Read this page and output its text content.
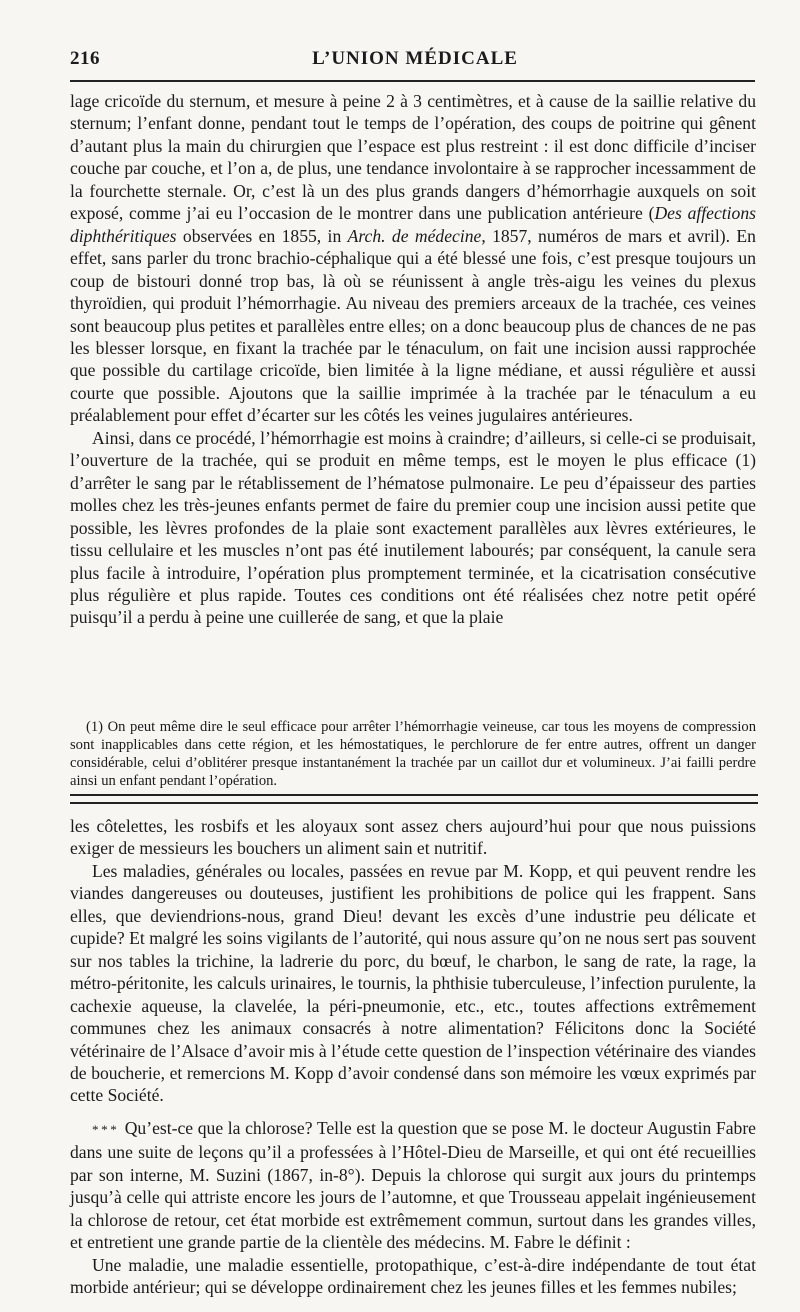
216	L’UNION MÉDICALE

lage cricoïde du sternum, et mesure à peine 2 à 3 centimètres, et à cause de la saillie relative du sternum; l’enfant donne, pendant tout le temps de l’opération, des coups de poitrine qui gênent d’autant plus la main du chirurgien que l’espace est plus restreint : il est donc difficile d’inciser couche par couche, et l’on a, de plus, une tendance involontaire à se rapprocher incessamment de la fourchette sternale. Or, c’est là un des plus grands dangers d’hémorrhagie auxquels on soit exposé, comme j’ai eu l’occasion de le montrer dans une publication antérieure (Des affections diphthéritiques observées en 1855, in Arch. de médecine, 1857, numéros de mars et avril). En effet, sans parler du tronc brachio-céphalique qui a été blessé une fois, c’est presque toujours un coup de bistouri donné trop bas, là où se réunissent à angle très-aigu les veines du plexus thyroïdien, qui produit l’hémorrhagie. Au niveau des premiers arceaux de la trachée, ces veines sont beaucoup plus petites et parallèles entre elles; on a donc beaucoup plus de chances de ne pas les blesser lorsque, en fixant la trachée par le ténaculum, on fait une incision aussi rapprochée que possible du cartilage cricoïde, bien limitée à la ligne médiane, et aussi régulière et aussi courte que possible. Ajoutons que la saillie imprimée à la trachée par le ténaculum a eu préalablement pour effet d’écarter sur les côtés les veines jugulaires antérieures.

Ainsi, dans ce procédé, l’hémorrhagie est moins à craindre; d’ailleurs, si celle-ci se produisait, l’ouverture de la trachée, qui se produit en même temps, est le moyen le plus efficace (1) d’arrêter le sang par le rétablissement de l’hématose pulmonaire. Le peu d’épaisseur des parties molles chez les très-jeunes enfants permet de faire du premier coup une incision aussi petite que possible, les lèvres profondes de la plaie sont exactement parallèles aux lèvres extérieures, le tissu cellulaire et les muscles n’ont pas été inutilement labourés; par conséquent, la canule sera plus facile à introduire, l’opération plus promptement terminée, et la cicatrisation consécutive plus régulière et plus rapide. Toutes ces conditions ont été réalisées chez notre petit opéré puisqu’il a perdu à peine une cuillerée de sang, et que la plaie

(1) On peut même dire le seul efficace pour arrêter l’hémorrhagie veineuse, car tous les moyens de compression sont inapplicables dans cette région, et les hémostatiques, le perchlorure de fer entre autres, offrent un danger considérable, celui d’oblitérer presque instantanément la trachée par un caillot dur et volumineux. J’ai failli perdre ainsi un enfant pendant l’opération.

les côtelettes, les rosbifs et les aloyaux sont assez chers aujourd’hui pour que nous puissions exiger de messieurs les bouchers un aliment sain et nutritif.

Les maladies, générales ou locales, passées en revue par M. Kopp, et qui peuvent rendre les viandes dangereuses ou douteuses, justifient les prohibitions de police qui les frappent. Sans elles, que deviendrions-nous, grand Dieu! devant les excès d’une industrie peu délicate et cupide? Et malgré les soins vigilants de l’autorité, qui nous assure qu’on ne nous sert pas souvent sur nos tables la trichine, la ladrerie du porc, du bœuf, le charbon, le sang de rate, la rage, la métro-péritonite, les calculs urinaires, le tournis, la phthisie tuberculeuse, l’infection purulente, la cachexie aqueuse, la clavelée, la péri-pneumonie, etc., etc., toutes affections extrêmement communes chez les animaux consacrés à notre alimentation? Félicitons donc la Société vétérinaire de l’Alsace d’avoir mis à l’étude cette question de l’inspection vétérinaire des viandes de boucherie, et remercions M. Kopp d’avoir condensé dans son mémoire les vœux exprimés par cette Société.

* * * Qu’est-ce que la chlorose? Telle est la question que se pose M. le docteur Augustin Fabre dans une suite de leçons qu’il a professées à l’Hôtel-Dieu de Marseille, et qui ont été recueillies par son interne, M. Suzini (1867, in-8°). Depuis la chlorose qui surgit aux jours du printemps jusqu’à celle qui attriste encore les jours de l’automne, et que Trousseau appelait ingénieusement la chlorose de retour, cet état morbide est extrêmement commun, surtout dans les grandes villes, et entretient une grande partie de la clientèle des médecins. M. Fabre le définit :

Une maladie, une maladie essentielle, protopathique, c’est-à-dire indépendante de tout état morbide antérieur; qui se développe ordinairement chez les jeunes filles et les femmes nubiles;
